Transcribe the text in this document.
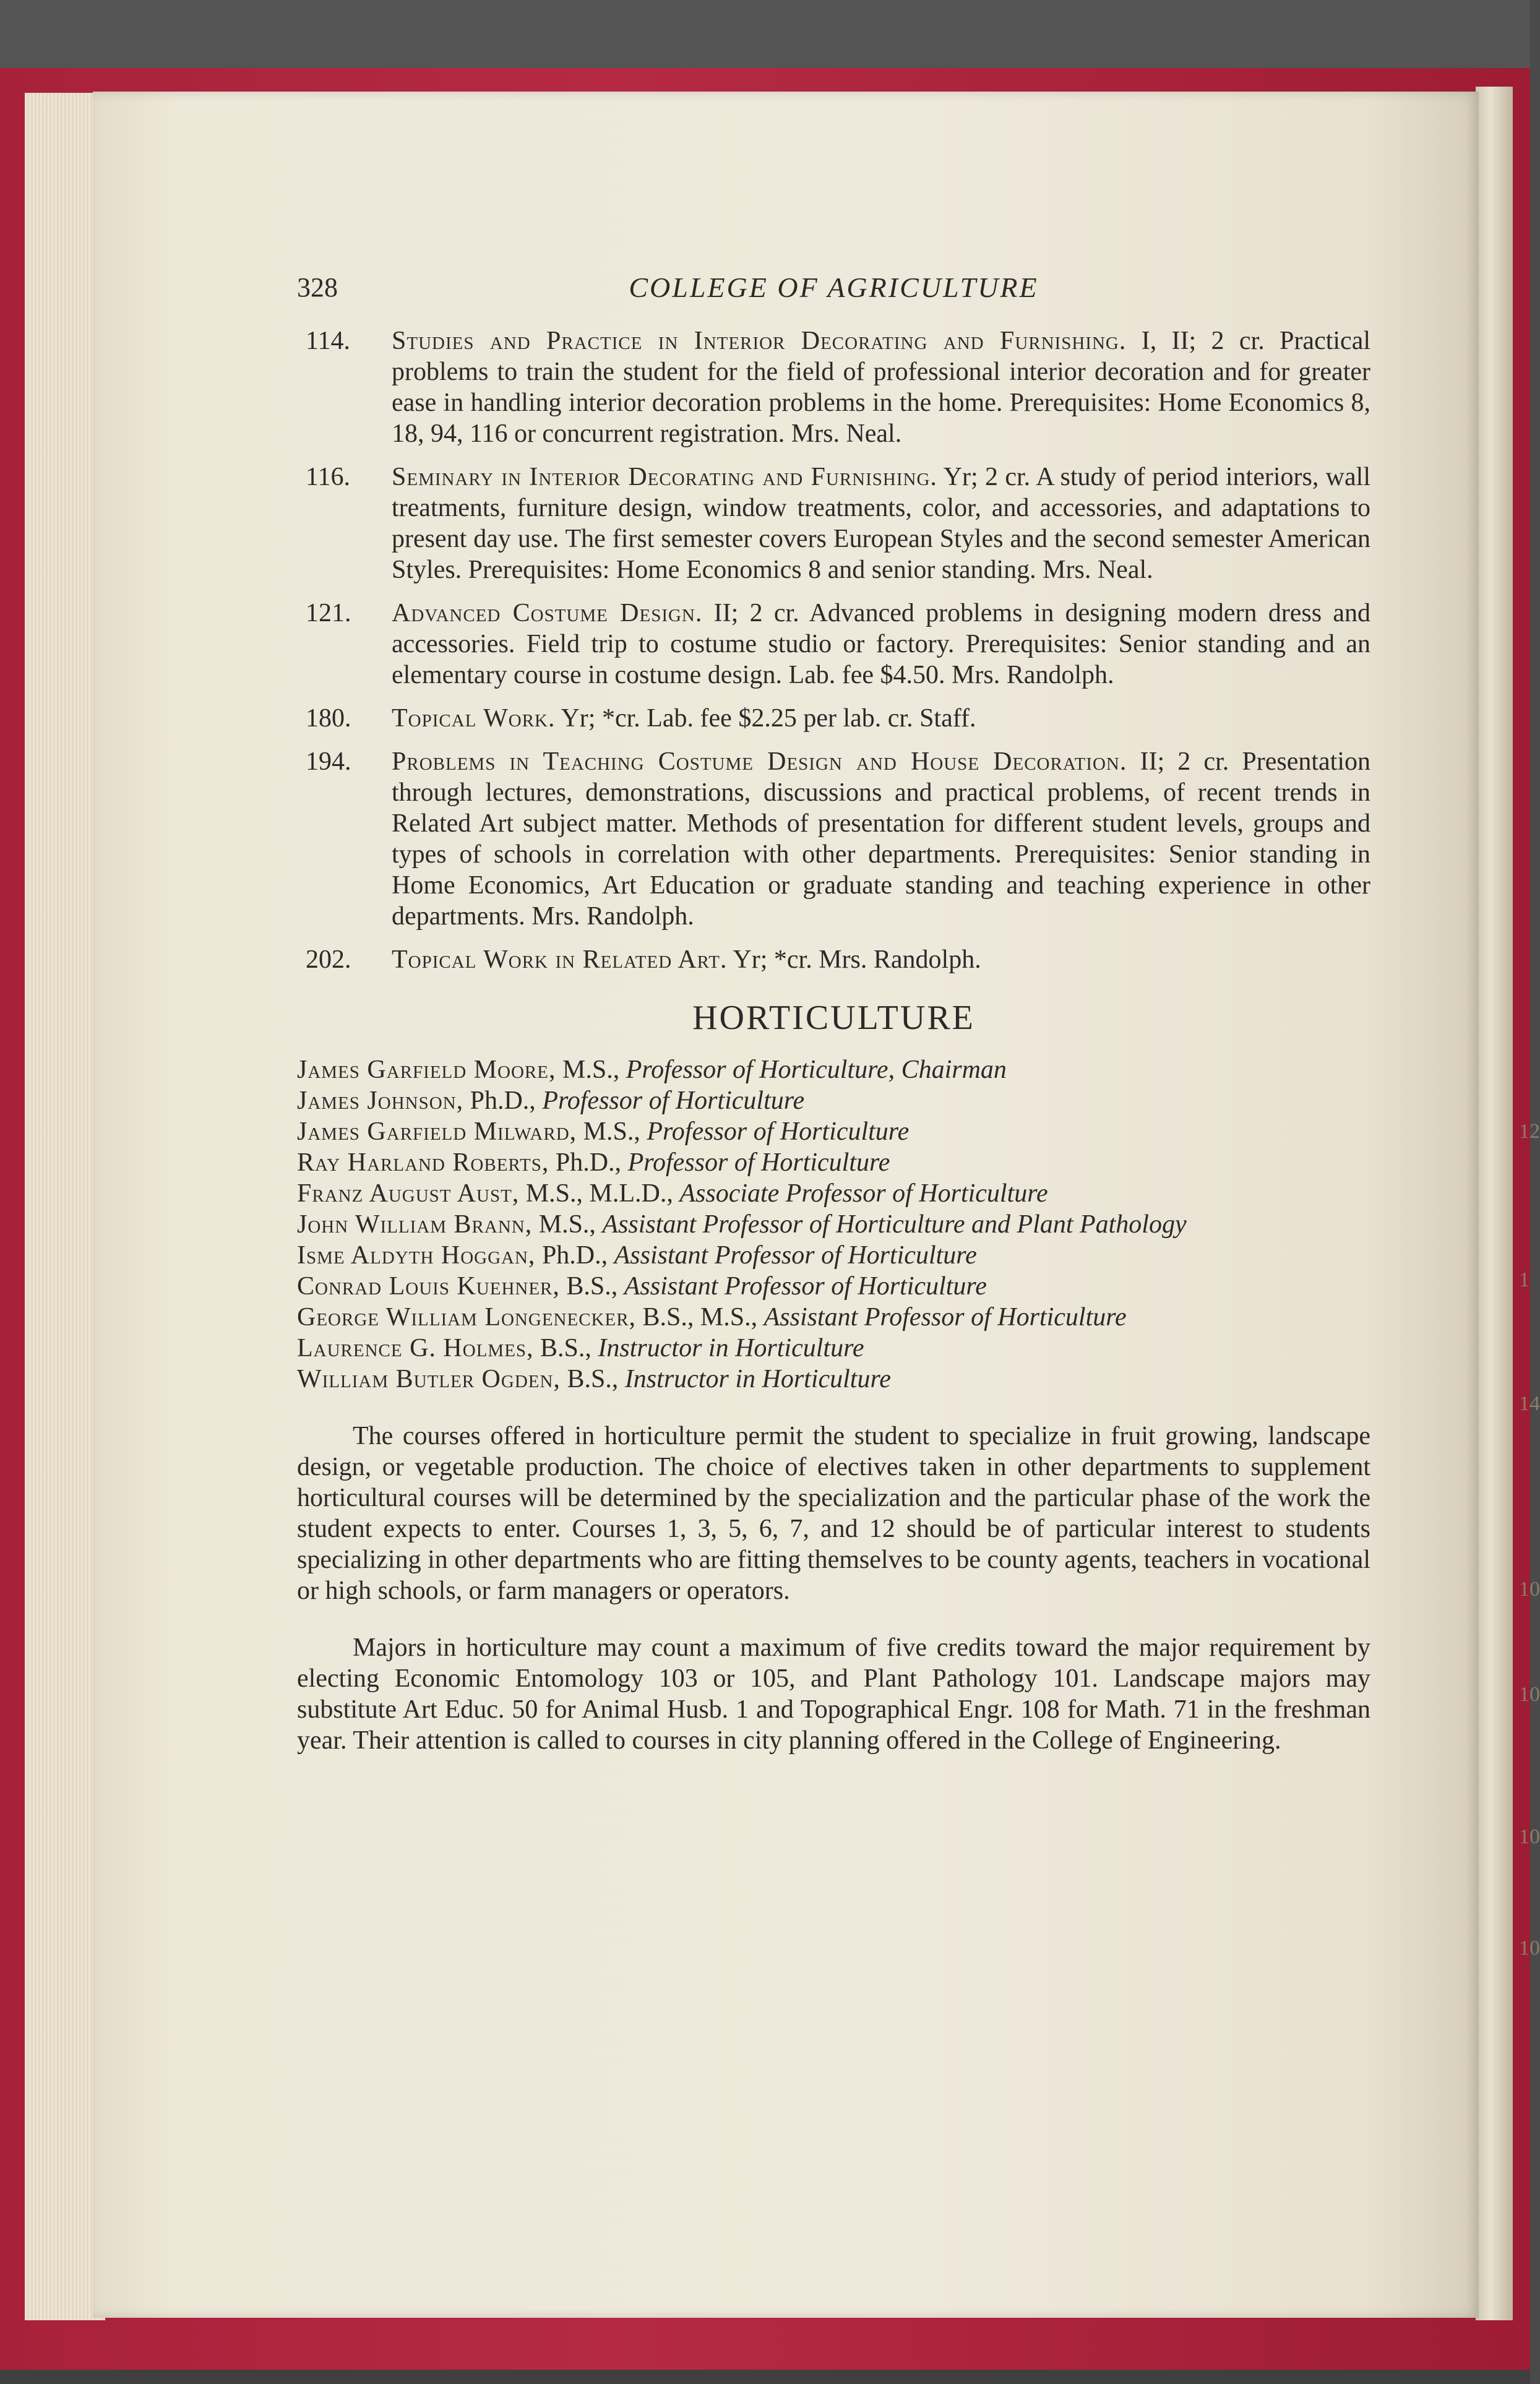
12
1
14
10
10
10
10
328	COLLEGE OF AGRICULTURE
114. Studies and Practice in Interior Decorating and Furnishing. I, II; 2 cr. Practical problems to train the student for the field of professional interior decoration and for greater ease in handling interior decoration problems in the home. Prerequisites: Home Economics 8, 18, 94, 116 or concurrent registration. Mrs. Neal.
116. Seminary in Interior Decorating and Furnishing. Yr; 2 cr. A study of period interiors, wall treatments, furniture design, window treatments, color, and accessories, and adaptations to present day use. The first semester covers European Styles and the second semester American Styles. Prerequisites: Home Economics 8 and senior standing. Mrs. Neal.
121. Advanced Costume Design. II; 2 cr. Advanced problems in designing modern dress and accessories. Field trip to costume studio or factory. Prerequisites: Senior standing and an elementary course in costume design. Lab. fee $4.50. Mrs. Randolph.
180. Topical Work. Yr; *cr. Lab. fee $2.25 per lab. cr. Staff.
194. Problems in Teaching Costume Design and House Decoration. II; 2 cr. Presentation through lectures, demonstrations, discussions and practical problems, of recent trends in Related Art subject matter. Methods of presentation for different student levels, groups and types of schools in correlation with other departments. Prerequisites: Senior standing in Home Economics, Art Education or graduate standing and teaching experience in other departments. Mrs. Randolph.
202. Topical Work in Related Art. Yr; *cr. Mrs. Randolph.
HORTICULTURE
James Garfield Moore, M.S., Professor of Horticulture, Chairman
James Johnson, Ph.D., Professor of Horticulture
James Garfield Milward, M.S., Professor of Horticulture
Ray Harland Roberts, Ph.D., Professor of Horticulture
Franz August Aust, M.S., M.L.D., Associate Professor of Horticulture
John William Brann, M.S., Assistant Professor of Horticulture and Plant Pathology
Isme Aldyth Hoggan, Ph.D., Assistant Professor of Horticulture
Conrad Louis Kuehner, B.S., Assistant Professor of Horticulture
George William Longenecker, B.S., M.S., Assistant Professor of Horticulture
Laurence G. Holmes, B.S., Instructor in Horticulture
William Butler Ogden, B.S., Instructor in Horticulture

The courses offered in horticulture permit the student to specialize in fruit growing, landscape design, or vegetable production. The choice of electives taken in other departments to supplement horticultural courses will be determined by the specialization and the particular phase of the work the student expects to enter. Courses 1, 3, 5, 6, 7, and 12 should be of particular interest to students specializing in other departments who are fitting themselves to be county agents, teachers in vocational or high schools, or farm managers or operators.

Majors in horticulture may count a maximum of five credits toward the major requirement by electing Economic Entomology 103 or 105, and Plant Pathology 101. Landscape majors may substitute Art Educ. 50 for Animal Husb. 1 and Topographical Engr. 108 for Math. 71 in the freshman year. Their attention is called to courses in city planning offered in the College of Engineering.
